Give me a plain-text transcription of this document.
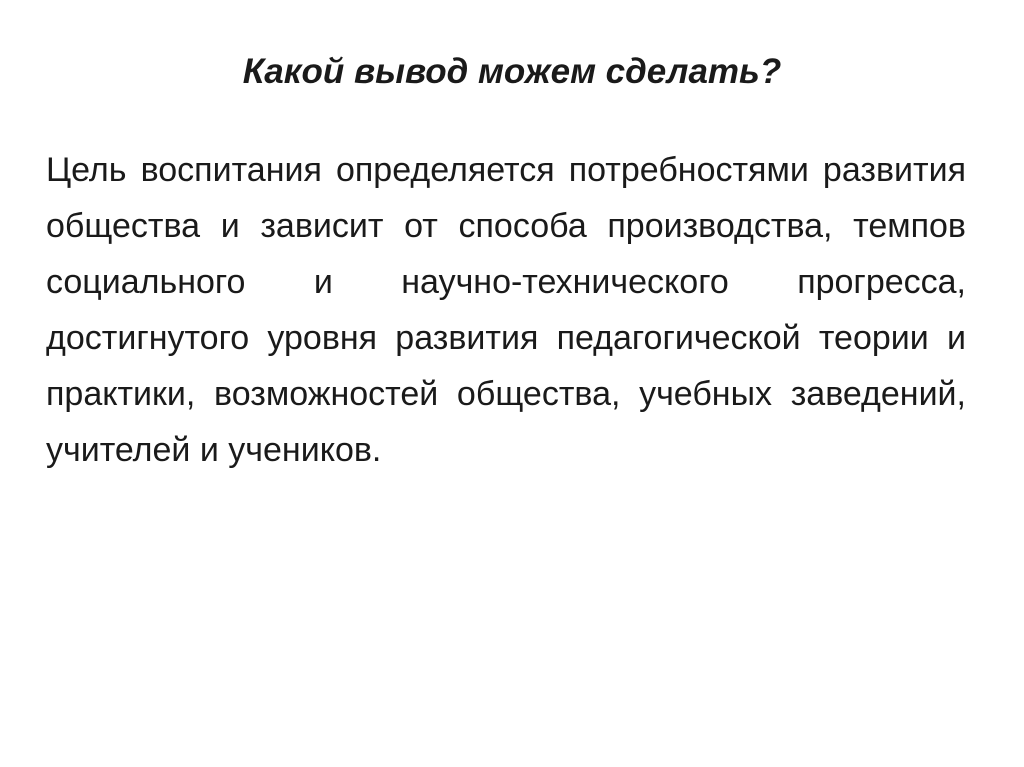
Какой вывод можем сделать?

Цель воспитания определяется потребностями развития общества и зависит от способа производства, темпов социального и научно-технического прогресса, достигнутого уровня развития педагогической теории и практики, возможностей общества, учебных заведений, учителей и учеников.
